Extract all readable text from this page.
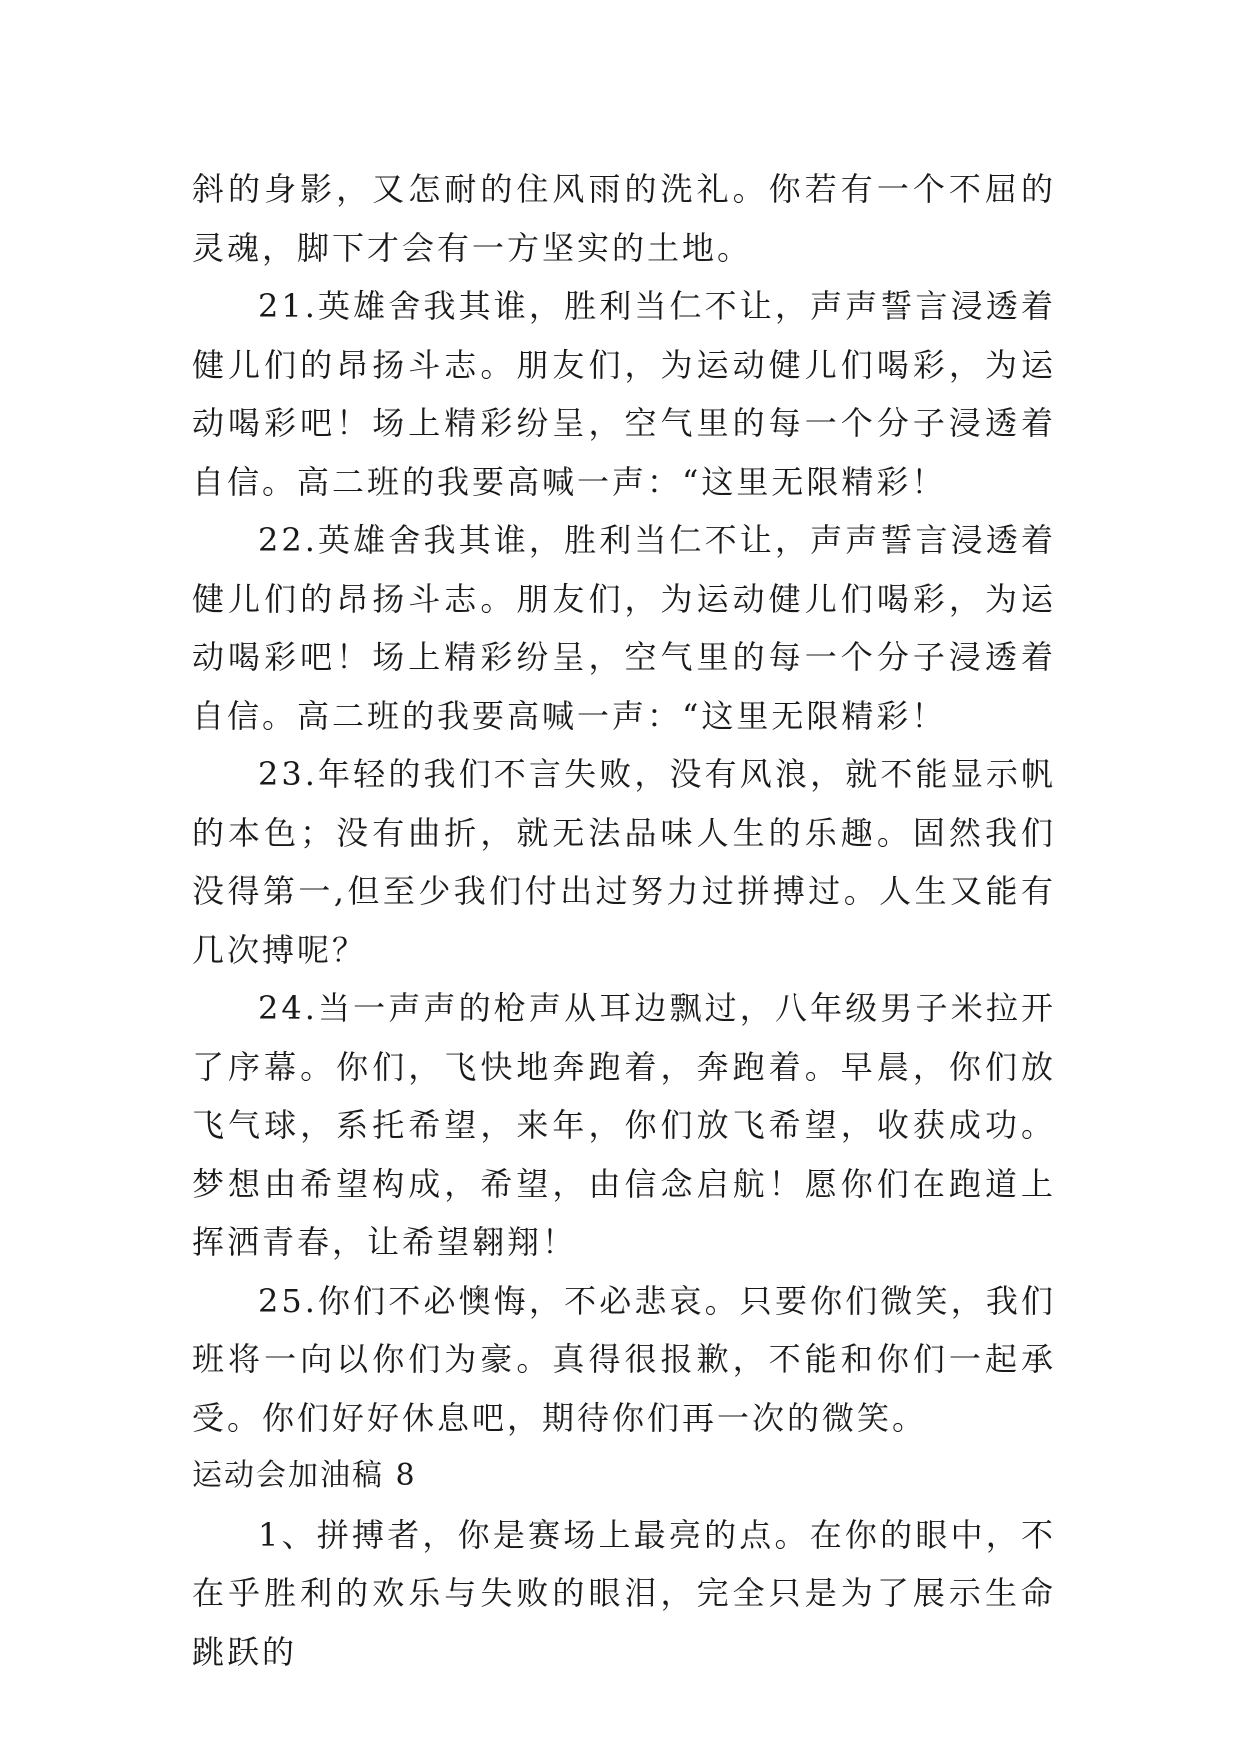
斜的身影，又怎耐的住风雨的洗礼。你若有一个不屈的灵魂，脚下才会有一方坚实的土地。

21.英雄舍我其谁，胜利当仁不让，声声誓言浸透着健儿们的昂扬斗志。朋友们，为运动健儿们喝彩，为运动喝彩吧！场上精彩纷呈，空气里的每一个分子浸透着自信。高二班的我要高喊一声：“这里无限精彩！

22.英雄舍我其谁，胜利当仁不让，声声誓言浸透着健儿们的昂扬斗志。朋友们，为运动健儿们喝彩，为运动喝彩吧！场上精彩纷呈，空气里的每一个分子浸透着自信。高二班的我要高喊一声：“这里无限精彩！

23.年轻的我们不言失败，没有风浪，就不能显示帆的本色；没有曲折，就无法品味人生的乐趣。固然我们没得第一,但至少我们付出过努力过拼搏过。人生又能有几次搏呢？

24.当一声声的枪声从耳边飘过，八年级男子米拉开了序幕。你们，飞快地奔跑着，奔跑着。早晨，你们放飞气球，系托希望，来年，你们放飞希望，收获成功。梦想由希望构成，希望，由信念启航！愿你们在跑道上挥洒青春，让希望翱翔！

25.你们不必懊悔，不必悲哀。只要你们微笑，我们班将一向以你们为豪。真得很报歉，不能和你们一起承受。你们好好休息吧，期待你们再一次的微笑。

运动会加油稿 8

1、拼搏者，你是赛场上最亮的点。在你的眼中，不在乎胜利的欢乐与失败的眼泪，完全只是为了展示生命跳跃的
